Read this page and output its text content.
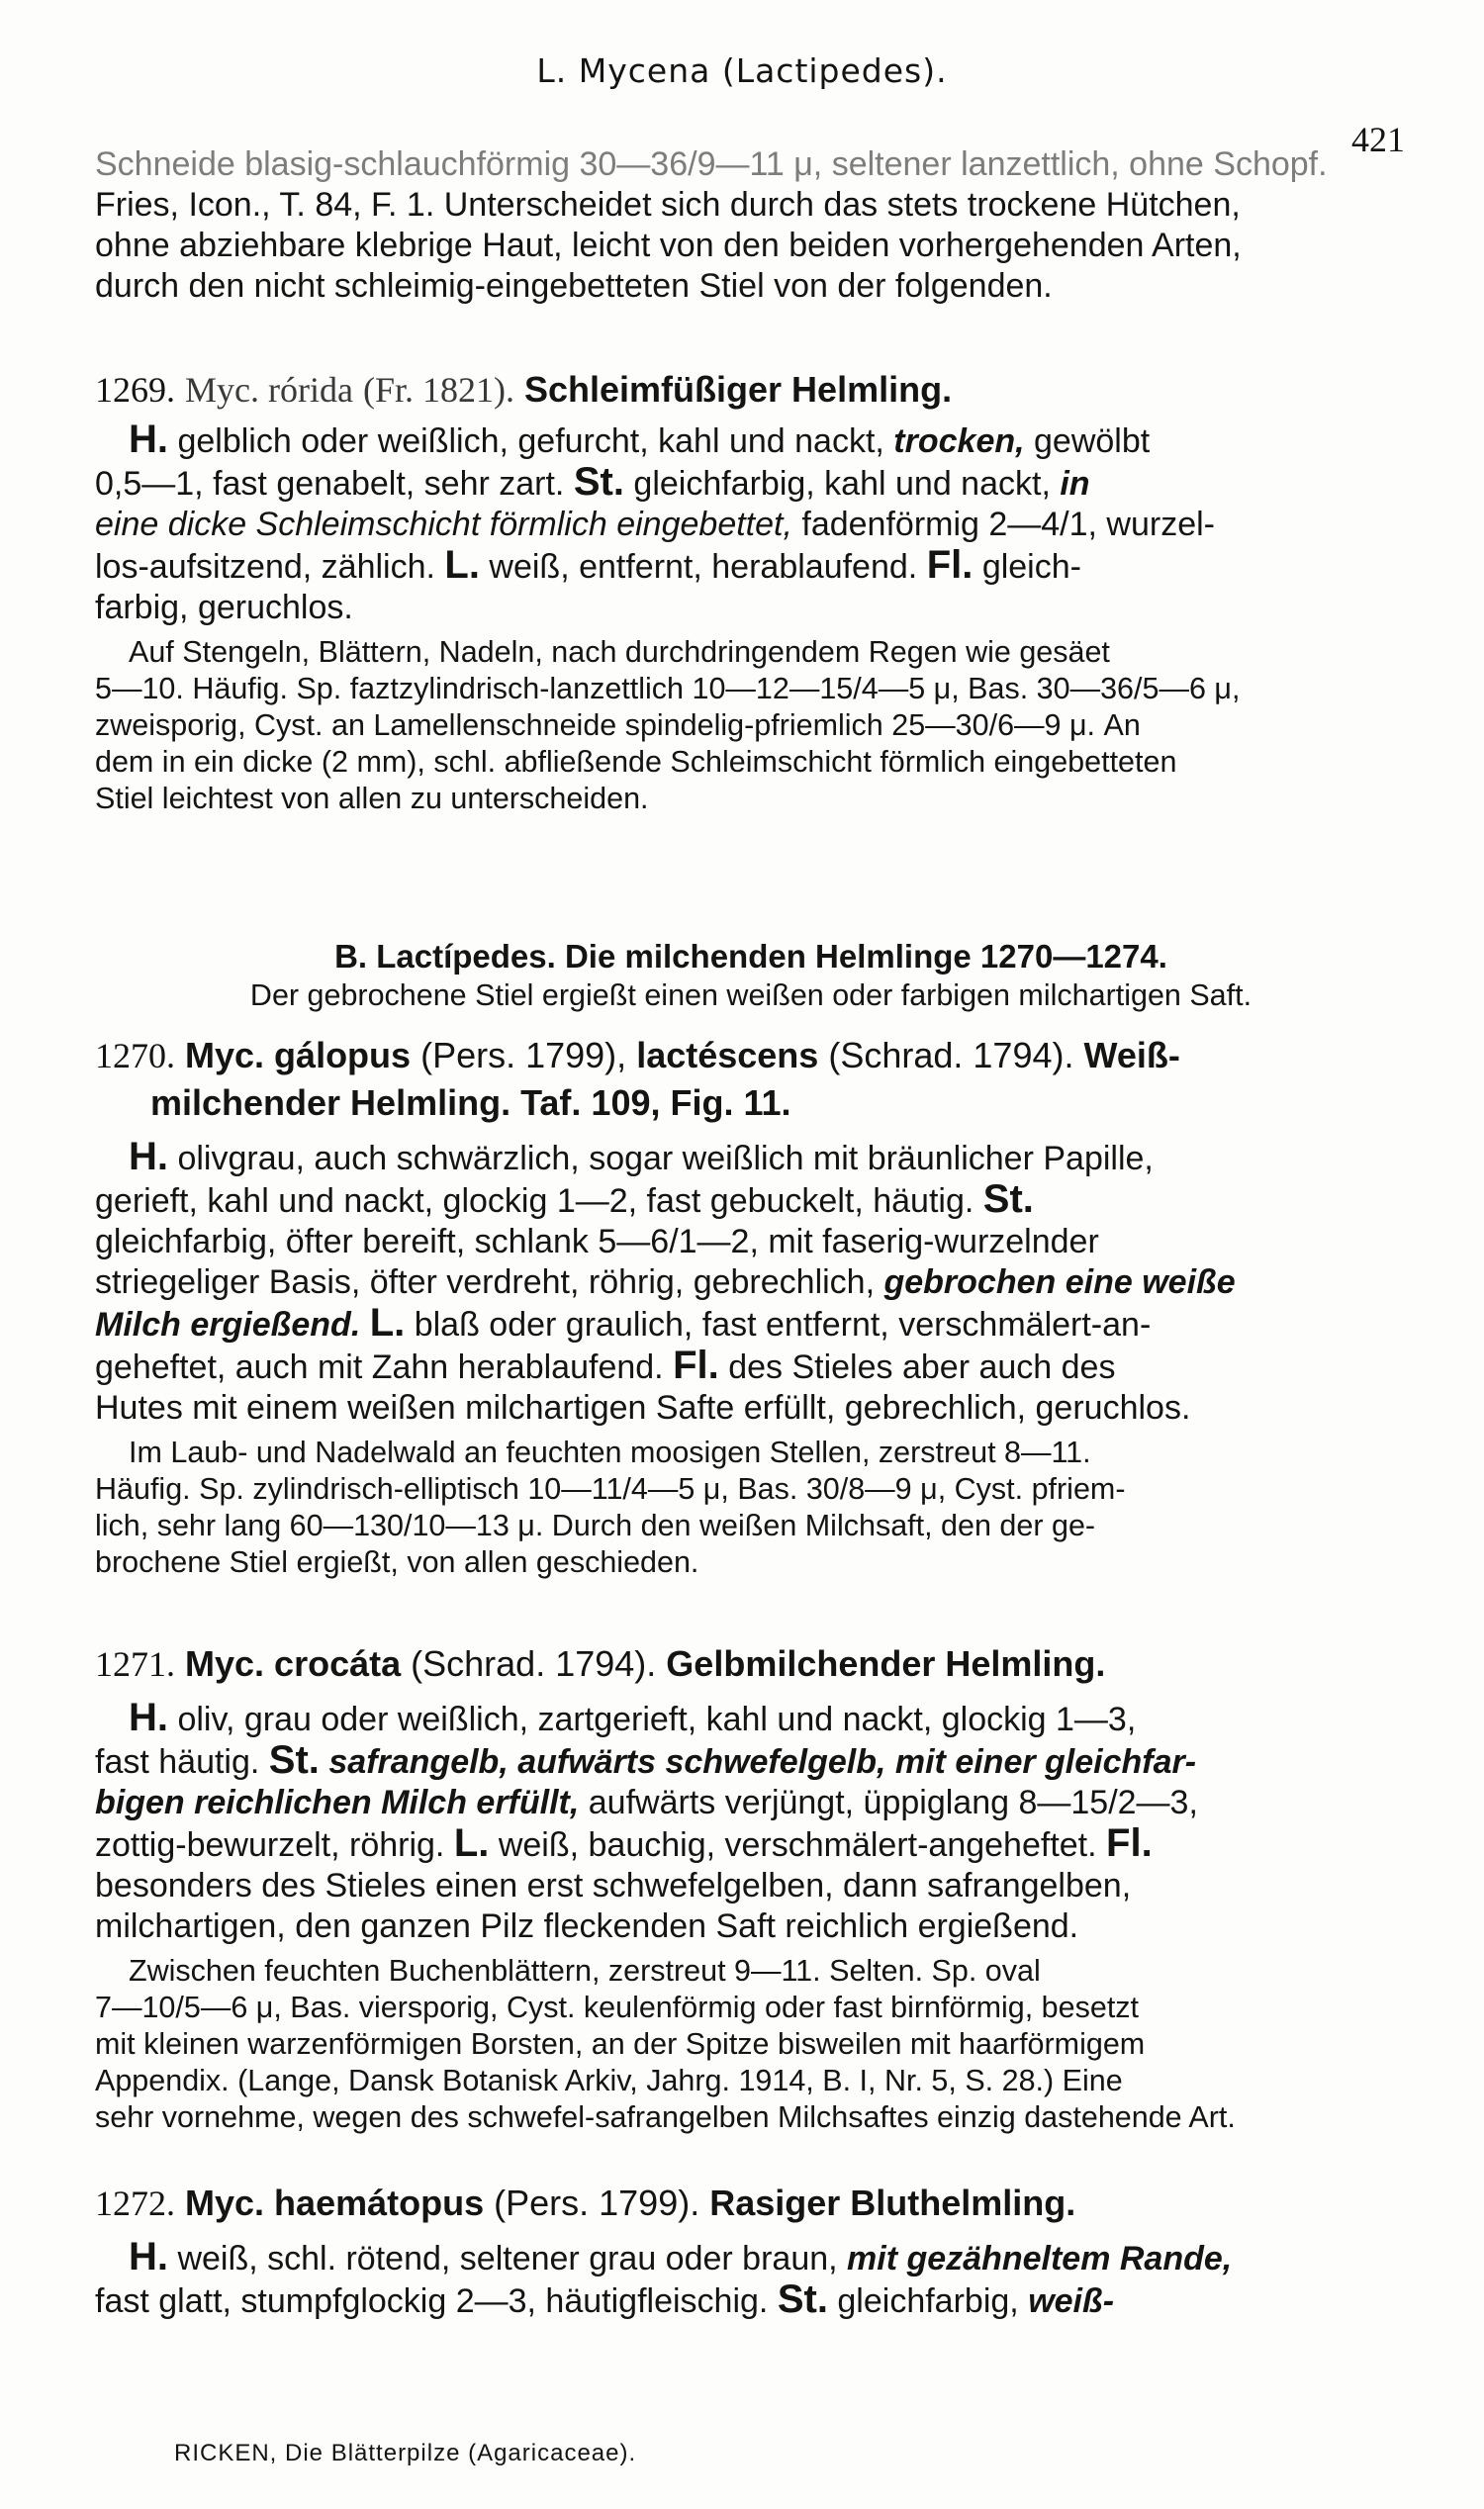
L. Mycena (Lactipedes).
421

Schneide blasig-schlauchförmig 30—36/9—11 μ, seltener lanzettlich, ohne Schopf.

Fries, Icon., T. 84, F. 1. Unterscheidet sich durch das stets trockene Hütchen,

ohne abziehbare klebrige Haut, leicht von den beiden vorhergehenden Arten,

durch den nicht schleimig-eingebetteten Stiel von der folgenden.

1269. Myc. rórida (Fr. 1821). Schleimfüßiger Helmling.

H. gelblich oder weißlich, gefurcht, kahl und nackt, trocken, gewölbt

0,5—1, fast genabelt, sehr zart. St. gleichfarbig, kahl und nackt, in

eine dicke Schleimschicht förmlich eingebettet, fadenförmig 2—4/1, wurzel-

los-aufsitzend, zählich. L. weiß, entfernt, herablaufend. Fl. gleich-

farbig, geruchlos.

Auf Stengeln, Blättern, Nadeln, nach durchdringendem Regen wie gesäet

5—10. Häufig. Sp. faztzylindrisch-lanzettlich 10—12—15/4—5 μ, Bas. 30—36/5—6 μ,

zweisporig, Cyst. an Lamellenschneide spindelig-pfriemlich 25—30/6—9 μ. An

dem in ein dicke (2 mm), schl. abfließende Schleimschicht förmlich eingebetteten

Stiel leichtest von allen zu unterscheiden.

B. Lactípedes. Die milchenden Helmlinge 1270—1274.

Der gebrochene Stiel ergießt einen weißen oder farbigen milchartigen Saft.

1270. Myc. gálopus (Pers. 1799), lactéscens (Schrad. 1794). Weiß-

milchender Helmling. Taf. 109, Fig. 11.

H. olivgrau, auch schwärzlich, sogar weißlich mit bräunlicher Papille,

gerieft, kahl und nackt, glockig 1—2, fast gebuckelt, häutig. St.

gleichfarbig, öfter bereift, schlank 5—6/1—2, mit faserig-wurzelnder

striegeliger Basis, öfter verdreht, röhrig, gebrechlich, gebrochen eine weiße

Milch ergießend. L. blaß oder graulich, fast entfernt, verschmälert-an-

geheftet, auch mit Zahn herablaufend. Fl. des Stieles aber auch des

Hutes mit einem weißen milchartigen Safte erfüllt, gebrechlich, geruchlos.

Im Laub- und Nadelwald an feuchten moosigen Stellen, zerstreut 8—11.

Häufig. Sp. zylindrisch-elliptisch 10—11/4—5 μ, Bas. 30/8—9 μ, Cyst. pfriem-

lich, sehr lang 60—130/10—13 μ. Durch den weißen Milchsaft, den der ge-

brochene Stiel ergießt, von allen geschieden.

1271. Myc. crocáta (Schrad. 1794). Gelbmilchender Helmling.

H. oliv, grau oder weißlich, zartgerieft, kahl und nackt, glockig 1—3,

fast häutig. St. safrangelb, aufwärts schwefelgelb, mit einer gleichfar-

bigen reichlichen Milch erfüllt, aufwärts verjüngt, üppiglang 8—15/2—3,

zottig-bewurzelt, röhrig. L. weiß, bauchig, verschmälert-angeheftet. Fl.

besonders des Stieles einen erst schwefelgelben, dann safrangelben,

milchartigen, den ganzen Pilz fleckenden Saft reichlich ergießend.

Zwischen feuchten Buchenblättern, zerstreut 9—11. Selten. Sp. oval

7—10/5—6 μ, Bas. viersporig, Cyst. keulenförmig oder fast birnförmig, besetzt

mit kleinen warzenförmigen Borsten, an der Spitze bisweilen mit haarförmigem

Appendix. (Lange, Dansk Botanisk Arkiv, Jahrg. 1914, B. I, Nr. 5, S. 28.) Eine

sehr vornehme, wegen des schwefel-safrangelben Milchsaftes einzig dastehende Art.

1272. Myc. haemátopus (Pers. 1799). Rasiger Bluthelmling.

H. weiß, schl. rötend, seltener grau oder braun, mit gezähneltem Rande,

fast glatt, stumpfglockig 2—3, häutigfleischig. St. gleichfarbig, weiß-

RICKEN, Die Blätterpilze (Agaricaceae).
